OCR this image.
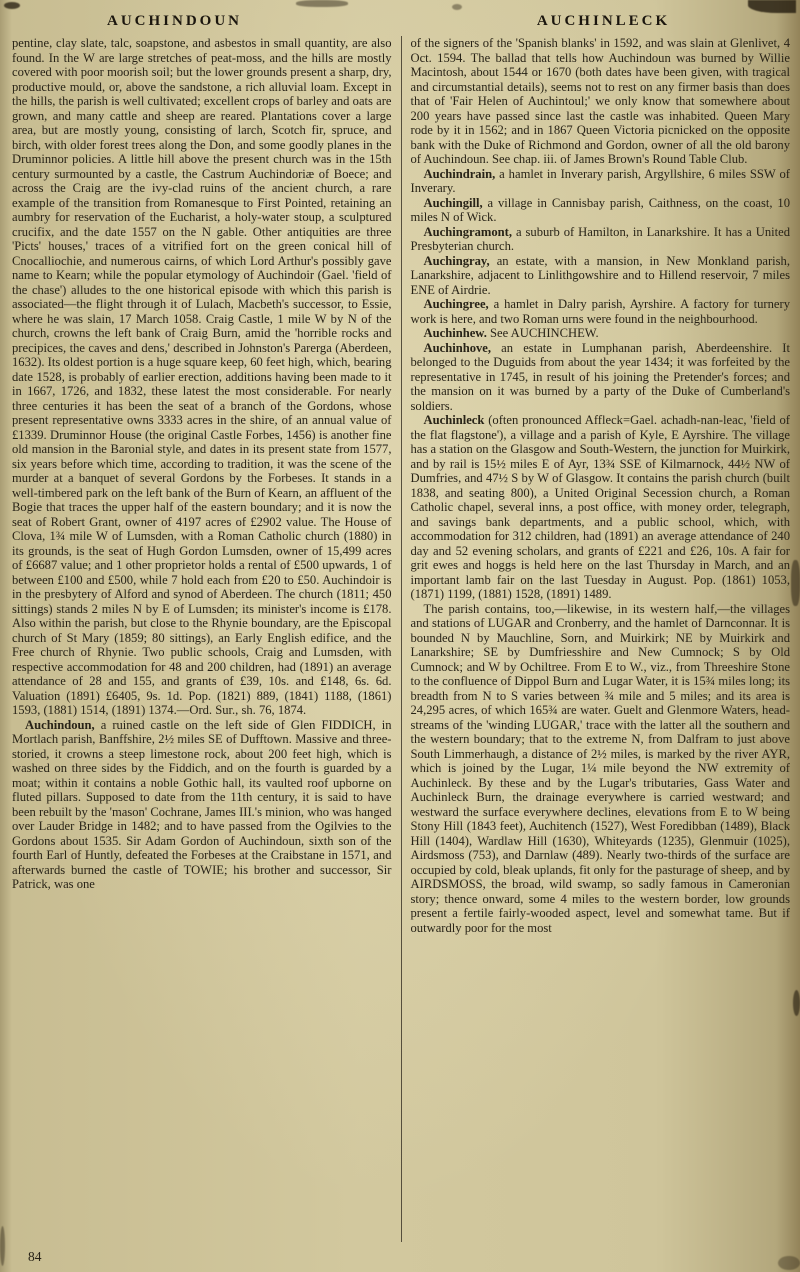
AUCHINDOUN	AUCHINLECK

pentine, clay slate, talc, soapstone, and asbestos in small quantity, are also found. In the W are large stretches of peat-moss, and the hills are mostly covered with poor moorish soil; but the lower grounds present a sharp, dry, productive mould, or, above the sandstone, a rich alluvial loam. Except in the hills, the parish is well cultivated; excellent crops of barley and oats are grown, and many cattle and sheep are reared. Plantations cover a large area, but are mostly young, consisting of larch, Scotch fir, spruce, and birch, with older forest trees along the Don, and some goodly planes in the Druminnor policies. A little hill above the present church was in the 15th century surmounted by a castle, the Castrum Auchindoriæ of Boece; and across the Craig are the ivy-clad ruins of the ancient church, a rare example of the transition from Romanesque to First Pointed, retaining an aumbry for reservation of the Eucharist, a holy-water stoup, a sculptured crucifix, and the date 1557 on the N gable. Other antiquities are three 'Picts' houses,' traces of a vitrified fort on the green conical hill of Cnocalliochie, and numerous cairns, of which Lord Arthur's possibly gave name to Kearn; while the popular etymology of Auchindoir (Gael. 'field of the chase') alludes to the one historical episode with which this parish is associated—the flight through it of Lulach, Macbeth's successor, to Essie, where he was slain, 17 March 1058. Craig Castle, 1 mile W by N of the church, crowns the left bank of Craig Burn, amid the 'horrible rocks and precipices, the caves and dens,' described in Johnston's Parerga (Aberdeen, 1632). Its oldest portion is a huge square keep, 60 feet high, which, bearing date 1528, is probably of earlier erection, additions having been made to it in 1667, 1726, and 1832, these latest the most considerable. For nearly three centuries it has been the seat of a branch of the Gordons, whose present representative owns 3333 acres in the shire, of an annual value of £1339. Druminnor House (the original Castle Forbes, 1456) is another fine old mansion in the Baronial style, and dates in its present state from 1577, six years before which time, according to tradition, it was the scene of the murder at a banquet of several Gordons by the Forbeses. It stands in a well-timbered park on the left bank of the Burn of Kearn, an affluent of the Bogie that traces the upper half of the eastern boundary; and it is now the seat of Robert Grant, owner of 4197 acres of £2902 value. The House of Clova, 1¾ mile W of Lumsden, with a Roman Catholic church (1880) in its grounds, is the seat of Hugh Gordon Lumsden, owner of 15,499 acres of £6687 value; and 1 other proprietor holds a rental of £500 upwards, 1 of between £100 and £500, while 7 hold each from £20 to £50. Auchindoir is in the presbytery of Alford and synod of Aberdeen. The church (1811; 450 sittings) stands 2 miles N by E of Lumsden; its minister's income is £178. Also within the parish, but close to the Rhynie boundary, are the Episcopal church of St Mary (1859; 80 sittings), an Early English edifice, and the Free church of Rhynie. Two public schools, Craig and Lumsden, with respective accommodation for 48 and 200 children, had (1891) an average attendance of 28 and 155, and grants of £39, 10s. and £148, 6s. 6d. Valuation (1891) £6405, 9s. 1d. Pop. (1821) 889, (1841) 1188, (1861) 1593, (1881) 1514, (1891) 1374.—Ord. Sur., sh. 76, 1874.

Auchindoun, a ruined castle on the left side of Glen FIDDICH, in Mortlach parish, Banffshire, 2½ miles SE of Dufftown. Massive and three-storied, it crowns a steep limestone rock, about 200 feet high, which is washed on three sides by the Fiddich, and on the fourth is guarded by a moat; within it contains a noble Gothic hall, its vaulted roof upborne on fluted pillars. Supposed to date from the 11th century, it is said to have been rebuilt by the 'mason' Cochrane, James III.'s minion, who was hanged over Lauder Bridge in 1482; and to have passed from the Ogilvies to the Gordons about 1535. Sir Adam Gordon of Auchindoun, sixth son of the fourth Earl of Huntly, defeated the Forbeses at the Craibstane in 1571, and afterwards burned the castle of TOWIE; his brother and successor, Sir Patrick, was one

of the signers of the 'Spanish blanks' in 1592, and was slain at Glenlivet, 4 Oct. 1594. The ballad that tells how Auchindoun was burned by Willie Macintosh, about 1544 or 1670 (both dates have been given, with tragical and circumstantial details), seems not to rest on any firmer basis than does that of 'Fair Helen of Auchintoul;' we only know that somewhere about 200 years have passed since last the castle was inhabited. Queen Mary rode by it in 1562; and in 1867 Queen Victoria picnicked on the opposite bank with the Duke of Richmond and Gordon, owner of all the old barony of Auchindoun. See chap. iii. of James Brown's Round Table Club.

Auchindrain, a hamlet in Inverary parish, Argyllshire, 6 miles SSW of Inverary.

Auchingill, a village in Cannisbay parish, Caithness, on the coast, 10 miles N of Wick.

Auchingramont, a suburb of Hamilton, in Lanarkshire. It has a United Presbyterian church.

Auchingray, an estate, with a mansion, in New Monkland parish, Lanarkshire, adjacent to Linlithgowshire and to Hillend reservoir, 7 miles ENE of Airdrie.

Auchingree, a hamlet in Dalry parish, Ayrshire. A factory for turnery work is here, and two Roman urns were found in the neighbourhood.

Auchinhew. See AUCHINCHEW.

Auchinhove, an estate in Lumphanan parish, Aberdeenshire. It belonged to the Duguids from about the year 1434; it was forfeited by the representative in 1745, in result of his joining the Pretender's forces; and the mansion on it was burned by a party of the Duke of Cumberland's soldiers.

Auchinleck (often pronounced Affleck=Gael. achadh-nan-leac, 'field of the flat flagstone'), a village and a parish of Kyle, E Ayrshire. The village has a station on the Glasgow and South-Western, the junction for Muirkirk, and by rail is 15½ miles E of Ayr, 13¾ SSE of Kilmarnock, 44½ NW of Dumfries, and 47½ S by W of Glasgow. It contains the parish church (built 1838, and seating 800), a United Original Secession church, a Roman Catholic chapel, several inns, a post office, with money order, telegraph, and savings bank departments, and a public school, which, with accommodation for 312 children, had (1891) an average attendance of 240 day and 52 evening scholars, and grants of £221 and £26, 10s. A fair for grit ewes and hoggs is held here on the last Thursday in March, and an important lamb fair on the last Tuesday in August. Pop. (1861) 1053, (1871) 1199, (1881) 1528, (1891) 1489.

The parish contains, too,—likewise, in its western half,—the villages and stations of LUGAR and Cronberry, and the hamlet of Darnconnar. It is bounded N by Mauchline, Sorn, and Muirkirk; NE by Muirkirk and Lanarkshire; SE by Dumfriesshire and New Cumnock; S by Old Cumnock; and W by Ochiltree. From E to W., viz., from Threeshire Stone to the confluence of Dippol Burn and Lugar Water, it is 15¾ miles long; its breadth from N to S varies between ¾ mile and 5 miles; and its area is 24,295 acres, of which 165¾ are water. Guelt and Glenmore Waters, head-streams of the 'winding LUGAR,' trace with the latter all the southern and the western boundary; that to the extreme N, from Dalfram to just above South Limmerhaugh, a distance of 2½ miles, is marked by the river AYR, which is joined by the Lugar, 1¼ mile beyond the NW extremity of Auchinleck. By these and by the Lugar's tributaries, Gass Water and Auchinleck Burn, the drainage everywhere is carried westward; and westward the surface everywhere declines, elevations from E to W being Stony Hill (1843 feet), Auchitench (1527), West Foredibban (1489), Black Hill (1404), Wardlaw Hill (1630), Whiteyards (1235), Glenmuir (1025), Airdsmoss (753), and Darnlaw (489). Nearly two-thirds of the surface are occupied by cold, bleak uplands, fit only for the pasturage of sheep, and by AIRDSMOSS, the broad, wild swamp, so sadly famous in Cameronian story; thence onward, some 4 miles to the western border, low grounds present a fertile fairly-wooded aspect, level and somewhat tame. But if outwardly poor for the most

84
